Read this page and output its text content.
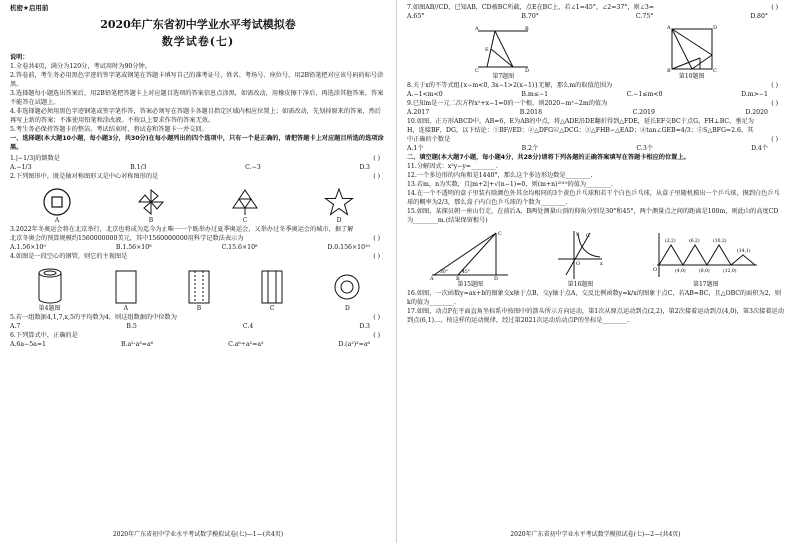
机密★启用前
2020年广东省初中学业水平考试模拟卷
数学试卷(七)
说明：
1.全卷共4页，满分为120分，考试用时为90分钟。
2.答卷前，考生务必用黑色字迹的签字笔或钢笔在答题卡填写自己的准考证号、姓名、考场号、座位号，用2B铅笔把对应该号码的标号涂黑。
3.选择题每小题选出答案后，用2B铅笔把答题卡上对应题目选项的答案信息点涂黑，如需改动，用橡皮擦干净后，再选涂其他答案，答案不能答在试题上。
4.非选择题必须用黑色字迹钢笔或签字笔作答，答案必须写在答题卡各题目指定区域内相应位置上；如需改动，先划掉原来的答案，然后再写上新的答案；不准使用铅笔和涂改液。不按以上要求作答的答案无效。
5.考生务必保持答题卡的整洁。考试结束时，将试卷和答题卡一并交回。
一、选择题(本大题10小题，每小题3分，共30分)在每小题列出的四个选项中，只有一个是正确的，请把答题卡上对应题目所选的选项涂黑。
1.|−1/3|的倒数是	( )
A.−1/3	B.1/3	C.−3	D.3
2.下列图形中，既是轴对称图形又是中心对称图形的是	( )
A	B	C	D
3.2022年冬奥运会将在北京举行，北京也将成为迄今为止唯一一个既举办过夏季奥运会，又举办过冬季奥运会的城市，据了解北京冬奥会的预算规模约1560000000美元，其中1560000000用科学记数法表示为	( )
A.1.56×10⁹	B.1.56×10⁸	C.15.6×10⁸	D.0.156×10¹⁰
4.如图是一段空心的钢管，则它的主视图是	( )
第4题图	A	B	C	D
5.若一组数据4,1,7,x,5的平均数为4，则这组数据的中位数为	( )
A.7	B.5	C.4	D.3
6.下列算式中，正确的是	( )
A.6a−5a=1	B.a²·a³=a⁶	C.a⁶÷a²=a³	D.(a²)³=a⁶
2020年广东省初中学业水平考试数学模拟试卷(七)—1—(共4页)
7.如图AB//CD，已知AB，CD被BC所截，点E在BC上，若∠1=45°，∠2=37°，则∠3=	( )
A.65°	B.70°	C.75°	D.80°
A	B
C	D
E
第7题图
A	D
B	C
第10题图
8.关于x的不等式组{x−m<0, 3x−1>2(x−1)}无解，那么m的取值范围为	( )
A.−1<m<0	B.m≤−1	C.−1≤m<0	D.m>−1
9.已知m是一元二次方程x²+x−1=0的一个根，则2020−m²−2m的值为	( )
A.2017	B.2018	C.2019	D.2020
10.如图，正方形ABCD中，AB=6，E为AB的中点，将△ADE沿DE翻折得到△FDE，延长EF交BC于点G，FH⊥BC，垂足为H，连接BF，DG，以下结论：①BF//ED；②△DFG≌△DCG；③△FHB∽△EAD；④tan∠GEB=4/3；⑤S△BFG=2.6，其中正确的个数是	( )
A.1个	B.2个	C.3个	D.4个
二、填空题(本大题7小题，每小题4分，共28分)请将下列各题的正确答案填写在答题卡相应的位置上。
11.分解因式：x²y−y=________.
12.一个多边形的内角和是1440°，那么这个多边形边数是________.
13.若m，n为实数，且|m+2|+√(n−1)=0，则(m+n)²⁰¹⁹的值为________.
14.在一个不透明的盒子里装有除颜色外其余均相同的3个黄色乒乓球和若干个白色乒乓球，从盒子里随机摸出一个乒乓球，摸到白色乒乓球的概率为2/3，那么盒子内白色乒乓球的个数为________.
15.如图，某探员朝一座山行走，在前后A、B两处测量山顶的仰角分别是30°和45°，两个测量点之间的距离是100m，则此山的高度CD为________m.(结果保留根号)
A	B	D
C
30°	45°
第15题图
O
C
x
y
第16题图
(2,2)	(6,2)	(10,2)
(14,1)
(4,0)	(8,0)	(12,0)
O
第17题图
16.如图，一次函数y=ax+b的图象交x轴于点B，交y轴于点A，交反比例函数y=k/x的图象于点C，若AB=BC，且△OBC的面积为2，则k的值为________.
17.如图，动点P在平面直角坐标系中按图中的箭头所示方向运动，第1次从原点运动到点(2,2)，第2次接着运动到点(4,0)，第3次接着运动到点(6,1)…，按这样的运动规律，经过第2021次运动后动点P的坐标是________.
2020年广东省初中学业水平考试数学模拟试卷(七)—2—(共4页)
